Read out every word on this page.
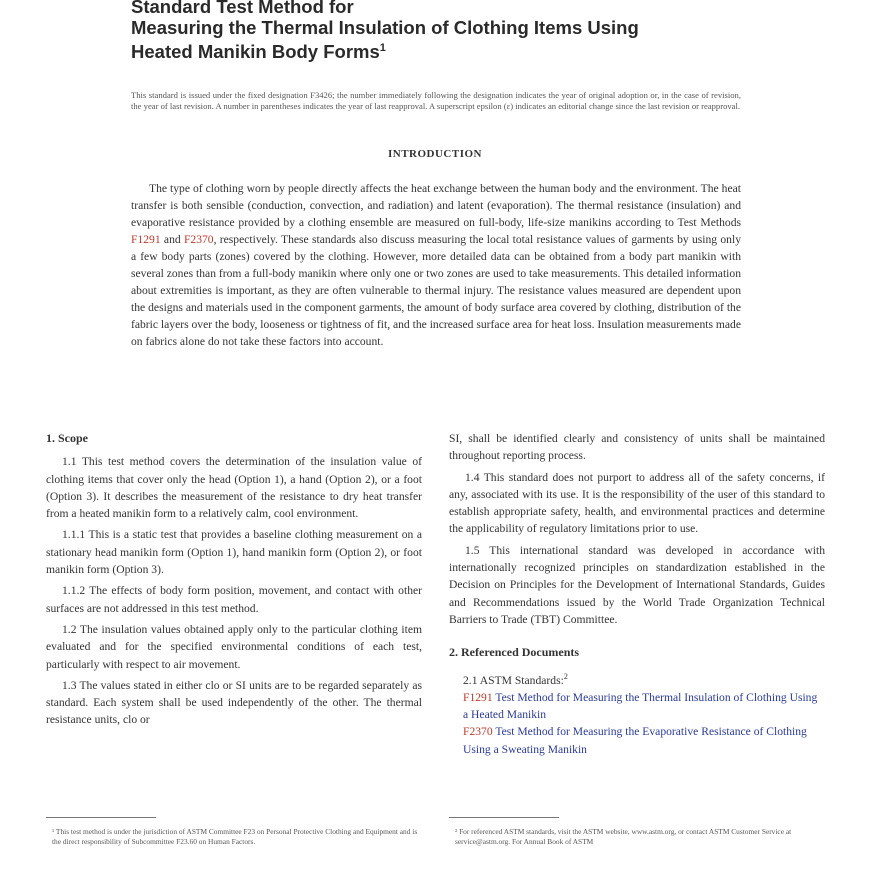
Standard Test Method for
Measuring the Thermal Insulation of Clothing Items Using
Heated Manikin Body Forms$^1$
This standard is issued under the fixed designation F3426; the number immediately following the designation indicates the year of original adoption or, in the case of revision, the year of last revision. A number in parentheses indicates the year of last reapproval. A superscript epsilon (ε) indicates an editorial change since the last revision or reapproval.
INTRODUCTION

The type of clothing worn by people directly affects the heat exchange between the human body and the environment. The heat transfer is both sensible (conduction, convection, and radiation) and latent (evaporation). The thermal resistance (insulation) and evaporative resistance provided by a clothing ensemble are measured on full-body, life-size manikins according to Test Methods F1291 and F2370, respectively. These standards also discuss measuring the local total resistance values of garments by using only a few body parts (zones) covered by the clothing. However, more detailed data can be obtained from a body part manikin with several zones than from a full-body manikin where only one or two zones are used to take measurements. This detailed information about extremities is important, as they are often vulnerable to thermal injury. The resistance values measured are dependent upon the designs and materials used in the component garments, the amount of body surface area covered by clothing, distribution of the fabric layers over the body, looseness or tightness of fit, and the increased surface area for heat loss. Insulation measurements made on fabrics alone do not take these factors into account.

1. Scope

1.1 This test method covers the determination of the insulation value of clothing items that cover only the head (Option 1), a hand (Option 2), or a foot (Option 3). It describes the measurement of the resistance to dry heat transfer from a heated manikin form to a relatively calm, cool environment.

1.1.1 This is a static test that provides a baseline clothing measurement on a stationary head manikin form (Option 1), hand manikin form (Option 2), or foot manikin form (Option 3).

1.1.2 The effects of body form position, movement, and contact with other surfaces are not addressed in this test method.

1.2 The insulation values obtained apply only to the particular clothing item evaluated and for the specified environmental conditions of each test, particularly with respect to air movement.

1.3 The values stated in either clo or SI units are to be regarded separately as standard. Each system shall be used independently of the other. The thermal resistance units, clo or

SI, shall be identified clearly and consistency of units shall be maintained throughout reporting process.

1.4 This standard does not purport to address all of the safety concerns, if any, associated with its use. It is the responsibility of the user of this standard to establish appropriate safety, health, and environmental practices and determine the applicability of regulatory limitations prior to use.

1.5 This international standard was developed in accordance with internationally recognized principles on standardization established in the Decision on Principles for the Development of International Standards, Guides and Recommendations issued by the World Trade Organization Technical Barriers to Trade (TBT) Committee.

2. Referenced Documents
2.1 ASTM Standards:$^2$
F1291 Test Method for Measuring the Thermal Insulation of Clothing Using a Heated Manikin
F2370 Test Method for Measuring the Evaporative Resistance of Clothing Using a Sweating Manikin
¹ This test method is under the jurisdiction of ASTM Committee F23 on Personal Protective Clothing and Equipment and is the direct responsibility of Subcommittee F23.60 on Human Factors.
² For referenced ASTM standards, visit the ASTM website, www.astm.org, or contact ASTM Customer Service at service@astm.org. For Annual Book of ASTM
